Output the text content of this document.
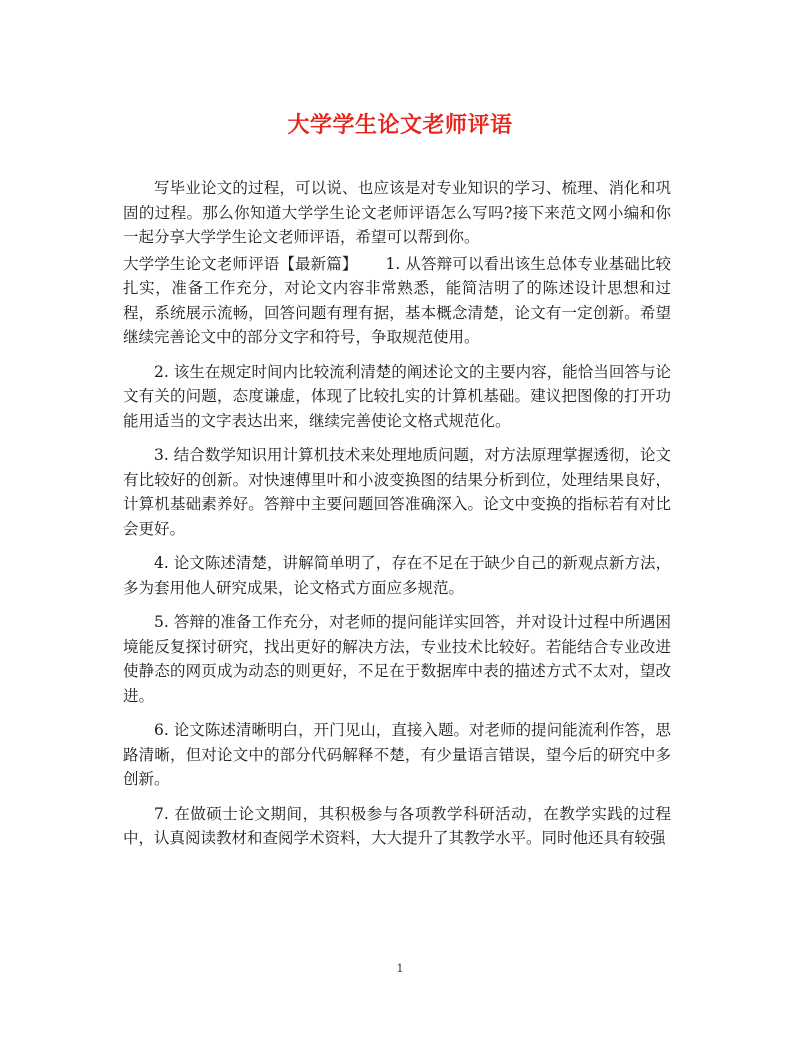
大学学生论文老师评语

写毕业论文的过程，可以说、也应该是对专业知识的学习、梳理、消化和巩固的过程。那么你知道大学学生论文老师评语怎么写吗?接下来范文网小编和你一起分享大学学生论文老师评语，希望可以帮到你。

大学学生论文老师评语【最新篇】 1. 从答辩可以看出该生总体专业基础比较扎实，准备工作充分，对论文内容非常熟悉，能简洁明了的陈述设计思想和过程，系统展示流畅，回答问题有理有据，基本概念清楚，论文有一定创新。希望继续完善论文中的部分文字和符号，争取规范使用。

2. 该生在规定时间内比较流利清楚的阐述论文的主要内容，能恰当回答与论文有关的问题，态度谦虚，体现了比较扎实的计算机基础。建议把图像的打开功能用适当的文字表达出来，继续完善使论文格式规范化。

3. 结合数学知识用计算机技术来处理地质问题，对方法原理掌握透彻，论文有比较好的创新。对快速傅里叶和小波变换图的结果分析到位，处理结果良好，计算机基础素养好。答辩中主要问题回答准确深入。论文中变换的指标若有对比会更好。

4. 论文陈述清楚，讲解简单明了，存在不足在于缺少自己的新观点新方法，多为套用他人研究成果，论文格式方面应多规范。

5. 答辩的准备工作充分，对老师的提问能详实回答，并对设计过程中所遇困境能反复探讨研究，找出更好的解决方法，专业技术比较好。若能结合专业改进使静态的网页成为动态的则更好，不足在于数据库中表的描述方式不太对，望改进。

6. 论文陈述清晰明白，开门见山，直接入题。对老师的提问能流利作答，思路清晰，但对论文中的部分代码解释不楚，有少量语言错误，望今后的研究中多创新。

7. 在做硕士论文期间，其积极参与各项教学科研活动，在教学实践的过程中，认真阅读教材和查阅学术资料，大大提升了其教学水平。同时他还具有较强

1
